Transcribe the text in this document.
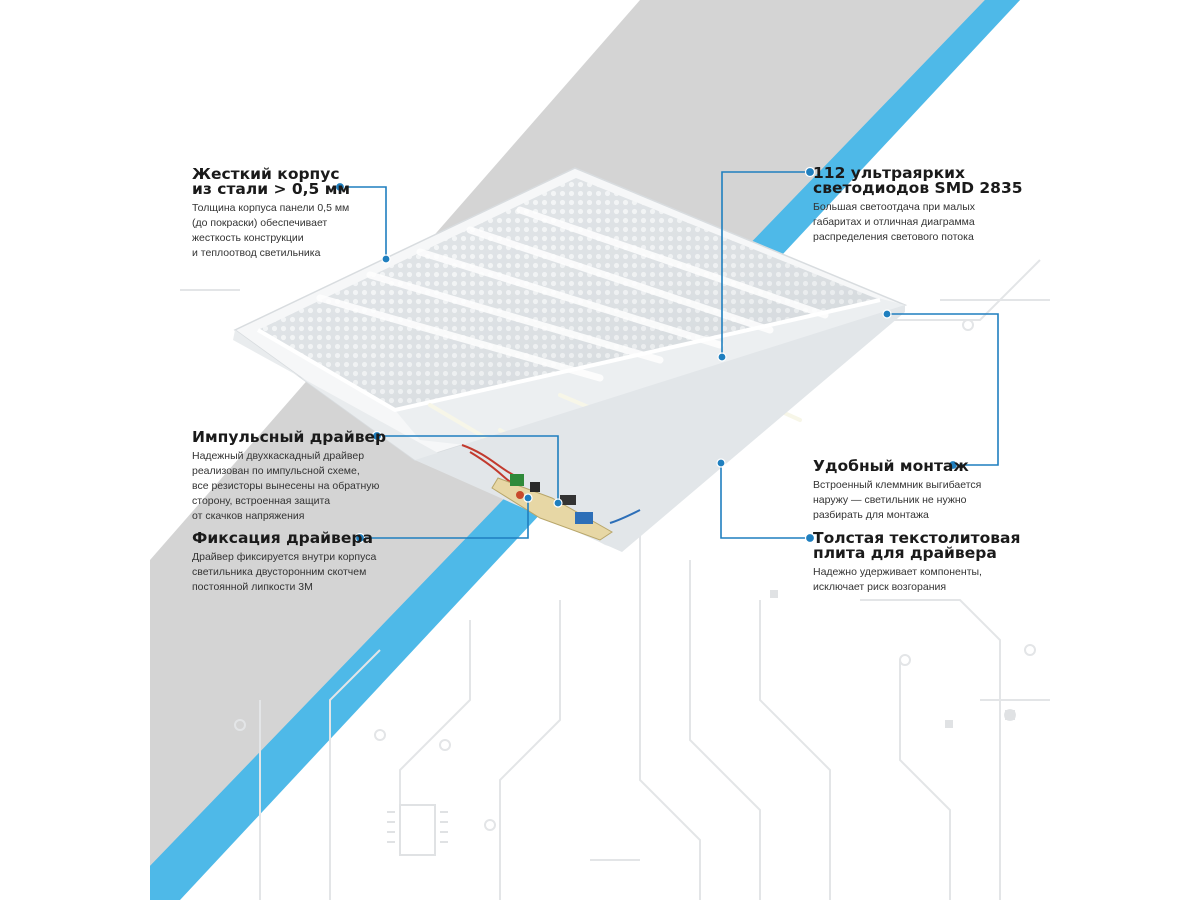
Жесткий корпус
из стали > 0,5 мм
Толщина корпуса панели 0,5 мм
(до покраски) обеспечивает
жесткость конструкции
и теплоотвод светильника
112 ультраярких
светодиодов SMD 2835
Большая светоотдача при малых
габаритах и отличная диаграмма
распределения светового потока
Импульсный драйвер
Надежный двухкаскадный драйвер
реализован по импульсной схеме,
все резисторы вынесены на обратную
сторону, встроенная защита
от скачков напряжения
Удобный монтаж
Встроенный клеммник выгибается
наружу — светильник не нужно
разбирать для монтажа
Фиксация драйвера
Драйвер фиксируется внутри корпуса
светильника двусторонним скотчем
постоянной липкости 3М
Толстая текстолитовая
плита для драйвера
Надежно удерживает компоненты,
исключает риск возгорания
